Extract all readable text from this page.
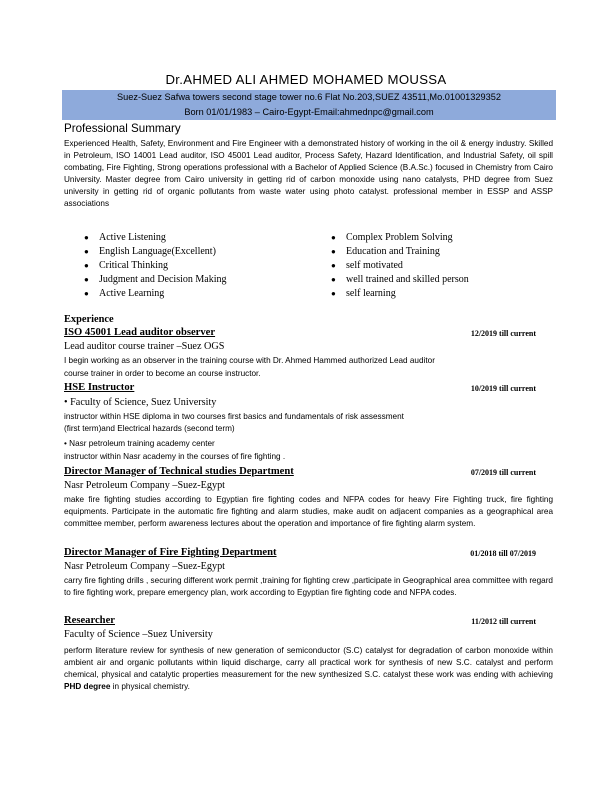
Dr.AHMED ALI AHMED MOHAMED MOUSSA
Suez-Suez Safwa towers second stage tower no.6 Flat No.203,SUEZ 43511,Mo.01001329352
Born 01/01/1983 – Cairo-Egypt-Email:ahmednpc@gmail.com
Professional Summary
Experienced Health, Safety, Environment and Fire Engineer with a demonstrated history of working in the oil & energy industry. Skilled in Petroleum, ISO 14001 Lead auditor, ISO 45001 Lead auditor, Process Safety, Hazard Identification, and Industrial Safety, oil spill combating, Fire Fighting, Strong operations professional with a Bachelor of Applied Science (B.A.Sc.) focused in Chemistry from Cairo University. Master degree from Cairo university in getting rid of carbon monoxide using nano catalysts, PHD degree from Suez university in getting rid of organic pollutants from waste water using photo catalyst. professional member in ESSP and ASSP associations
● Active Listening
● English Language(Excellent)
● Critical Thinking
● Judgment and Decision Making
● Active Learning
● Complex Problem Solving
● Education and Training
● self motivated
● well trained and skilled person
● self learning
Experience
ISO 45001 Lead auditor observer	12/2019 till current
Lead auditor course trainer –Suez OGS
I begin working as an observer in the training course with Dr. Ahmed Hammed authorized Lead auditor
course trainer in order to become an course instructor.
HSE Instructor	10/2019 till current
• Faculty of Science, Suez University
instructor within HSE diploma in two courses first basics and fundamentals of risk assessment
(first term)and Electrical hazards (second term)
• Nasr petroleum training academy center
instructor within Nasr academy in the courses of fire fighting .
Director Manager of Technical studies Department	07/2019 till current
Nasr Petroleum Company –Suez-Egypt
make fire fighting studies according to Egyptian fire fighting codes and NFPA codes for heavy Fire Fighting truck, fire fighting equipments. Participate in the automatic fire fighting and alarm studies, make audit on adjacent companies as a geographical area committee member, perform awareness lectures about the operation and importance of fire fighting alarm system.
Director Manager of Fire Fighting Department	01/2018 till 07/2019
Nasr Petroleum Company –Suez-Egypt
carry fire fighting drills , securing different work permit ,training for fighting crew ,participate in Geographical area committee with regard to fire fighting work, prepare emergency plan, work according to Egyptian fire fighting code and NFPA codes.
Researcher	11/2012 till current
Faculty of Science –Suez University
perform literature review for synthesis of new generation of semiconductor (S.C) catalyst for degradation of carbon monoxide within ambient air and organic pollutants within liquid discharge, carry all practical work for synthesis of new S.C. catalyst and perform chemical, physical and catalytic properties measurement for the new synthesized S.C. catalyst these work was ending with achieving PHD degree in physical chemistry.
